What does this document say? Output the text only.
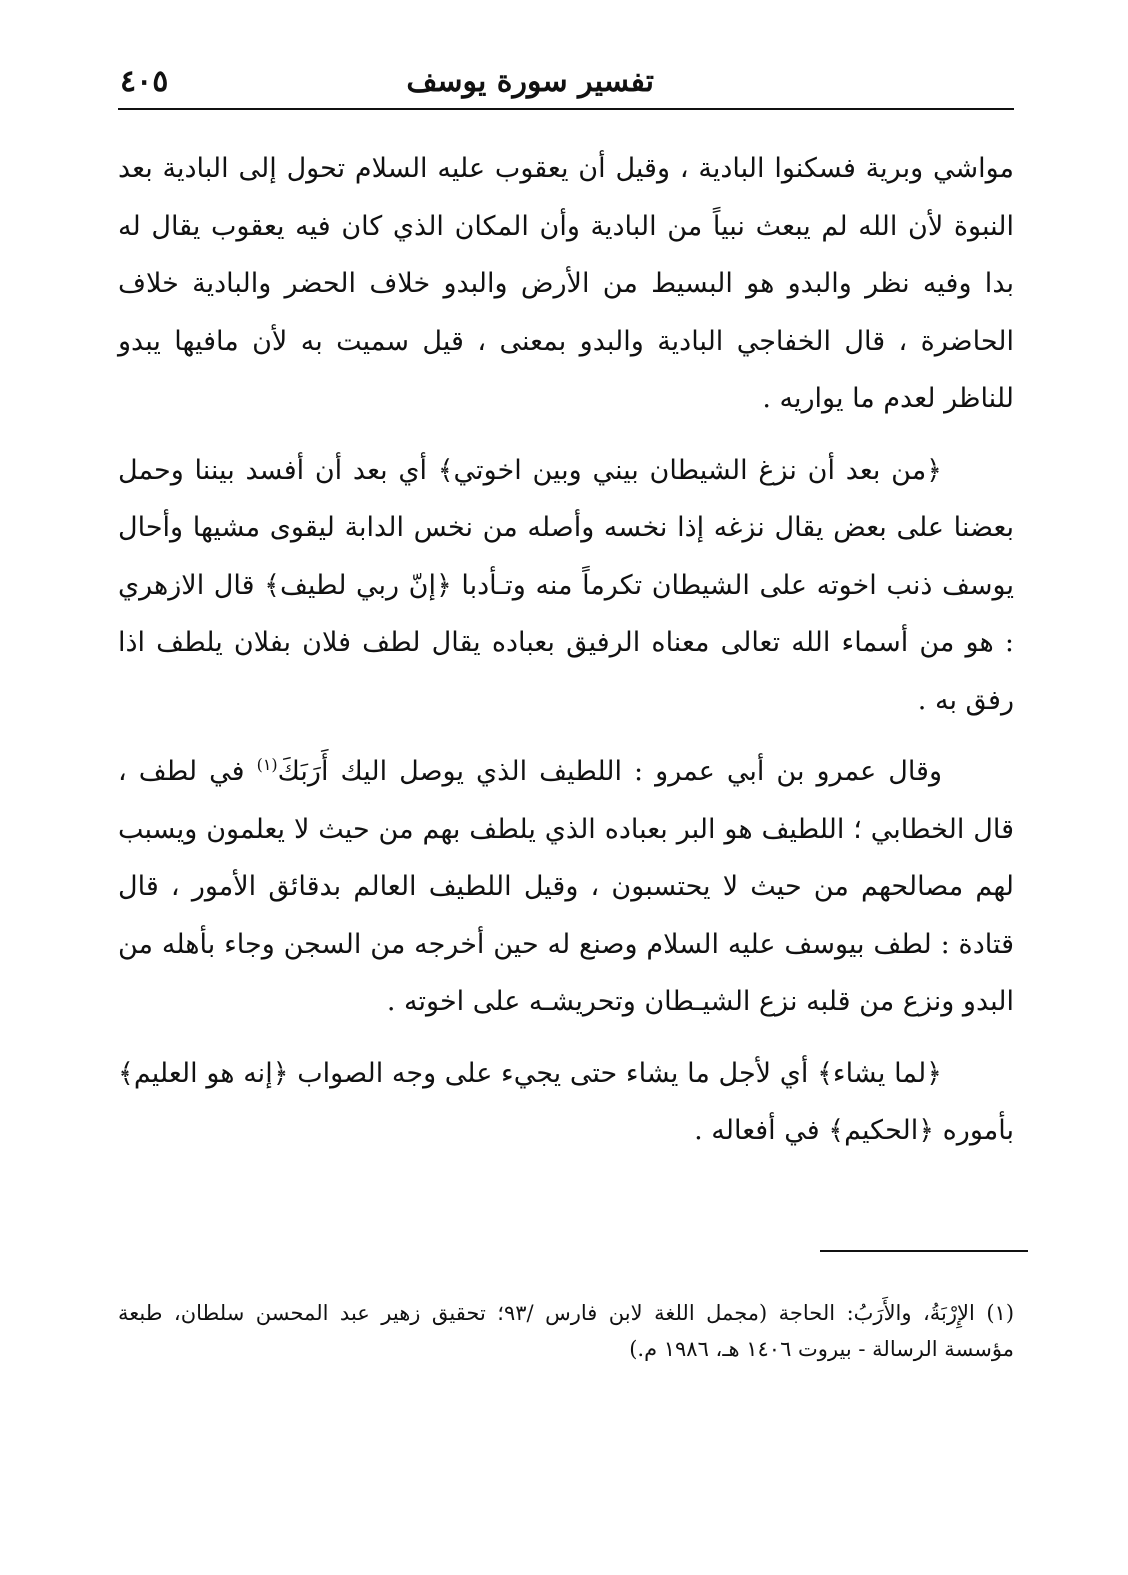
تفسير سورة يوسف
٤٠٥

مواشي وبرية فسكنوا البادية ، وقيل أن يعقوب عليه السلام تحول إلى البادية بعد النبوة لأن الله لم يبعث نبياً من البادية وأن المكان الذي كان فيه يعقوب يقال له بدا وفيه نظر والبدو هو البسيط من الأرض والبدو خلاف الحضر والبادية خلاف الحاضرة ، قال الخفاجي البادية والبدو بمعنى ، قيل سميت به لأن مافيها يبدو للناظر لعدم ما يواريه .

﴿من بعد أن نزغ الشيطان بيني وبين اخوتي﴾ أي بعد أن أفسد بيننا وحمل بعضنا على بعض يقال نزغه إذا نخسه وأصله من نخس الدابة ليقوى مشيها وأحال يوسف ذنب اخوته على الشيطان تكرماً منه وتـأدبا ﴿إنّ ربي لطيف﴾ قال الازهري : هو من أسماء الله تعالى معناه الرفيق بعباده يقال لطف فلان بفلان يلطف اذا رفق به .

وقال عمرو بن أبي عمرو : اللطيف الذي يوصل اليك أَرَبَكَ$^{(١)}$ في لطف ، قال الخطابي ؛ اللطيف هو البر بعباده الذي يلطف بهم من حيث لا يعلمون ويسبب لهم مصالحهم من حيث لا يحتسبون ، وقيل اللطيف العالم بدقائق الأمور ، قال قتادة : لطف بيوسف عليه السلام وصنع له حين أخرجه من السجن وجاء بأهله من البدو ونزع من قلبه نزع الشيـطان وتحريشـه على اخوته .

﴿لما يشاء﴾ أي لأجل ما يشاء حتى يجيء على وجه الصواب ﴿إنه هو العليم﴾ بأموره ﴿الحكيم﴾ في أفعاله .

(١) الإِرْبَةُ، والأَرَبُ: الحاجة (مجمل اللغة لابن فارس /٩٣؛ تحقيق زهير عبد المحسن سلطان، طبعة مؤسسة الرسالة - بيروت ١٤٠٦ هـ، ١٩٨٦ م.)
